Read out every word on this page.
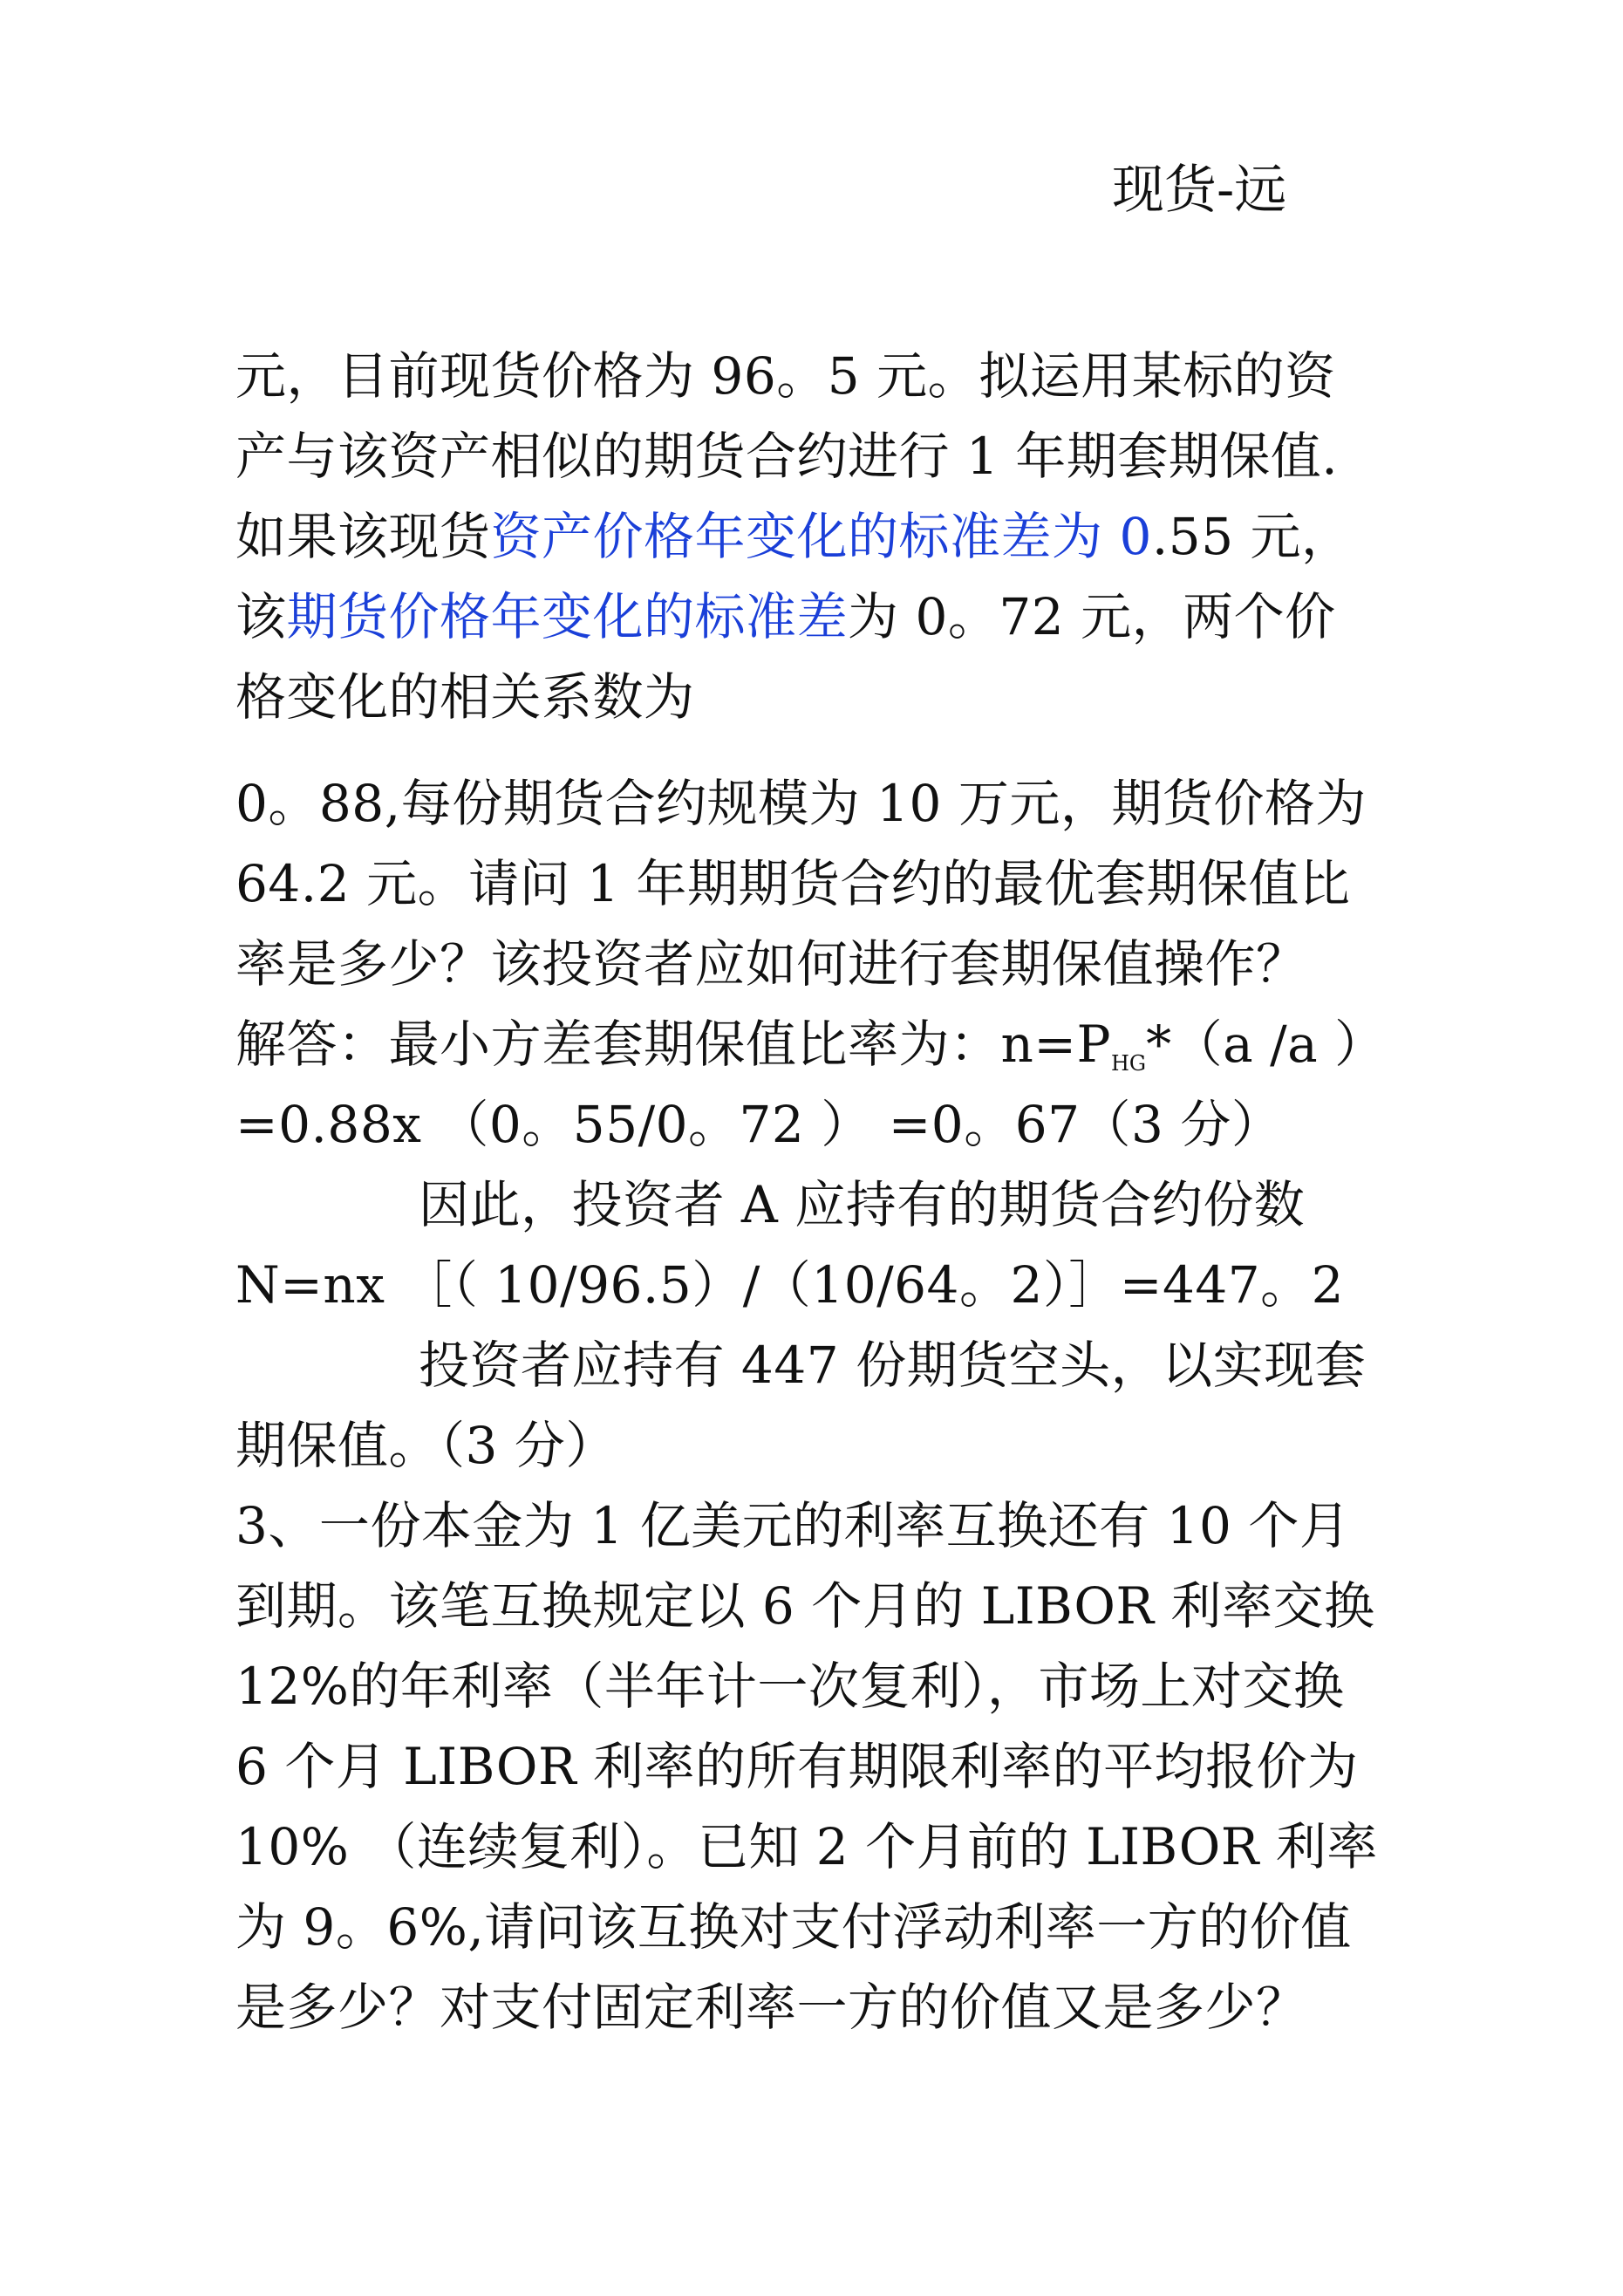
现货-远
元，目前现货价格为 96。5 元。拟运用某标的资
产与该资产相似的期货合约进行 1 年期套期保值.
如果该现货资产价格年变化的标准差为 0.55 元，
该期货价格年变化的标准差为 0。72 元，两个价
格变化的相关系数为
0。88,每份期货合约规模为 10 万元，期货价格为
64.2 元。请问 1 年期期货合约的最优套期保值比
率是多少？该投资者应如何进行套期保值操作？
解答：最小方差套期保值比率为：$n=P_{HG}*(a$ /a ）
=0.88x （0。55/0。72 ） =0。67（3 分）
因此，投资者 A 应持有的期货合约份数
N=nx ［（ 10/96.5）/（10/64。2）］=447。2
投资者应持有 447 份期货空头，以实现套
期保值。（3 分）
3、一份本金为 1 亿美元的利率互换还有 10 个月
到期。该笔互换规定以 6 个月的 LIBOR 利率交换
12%的年利率（半年计一次复利），市场上对交换
6 个月 LIBOR 利率的所有期限利率的平均报价为
10% （连续复利）。已知 2 个月前的 LIBOR 利率
为 9。6%,请问该互换对支付浮动利率一方的价值
是多少？对支付固定利率一方的价值又是多少？
